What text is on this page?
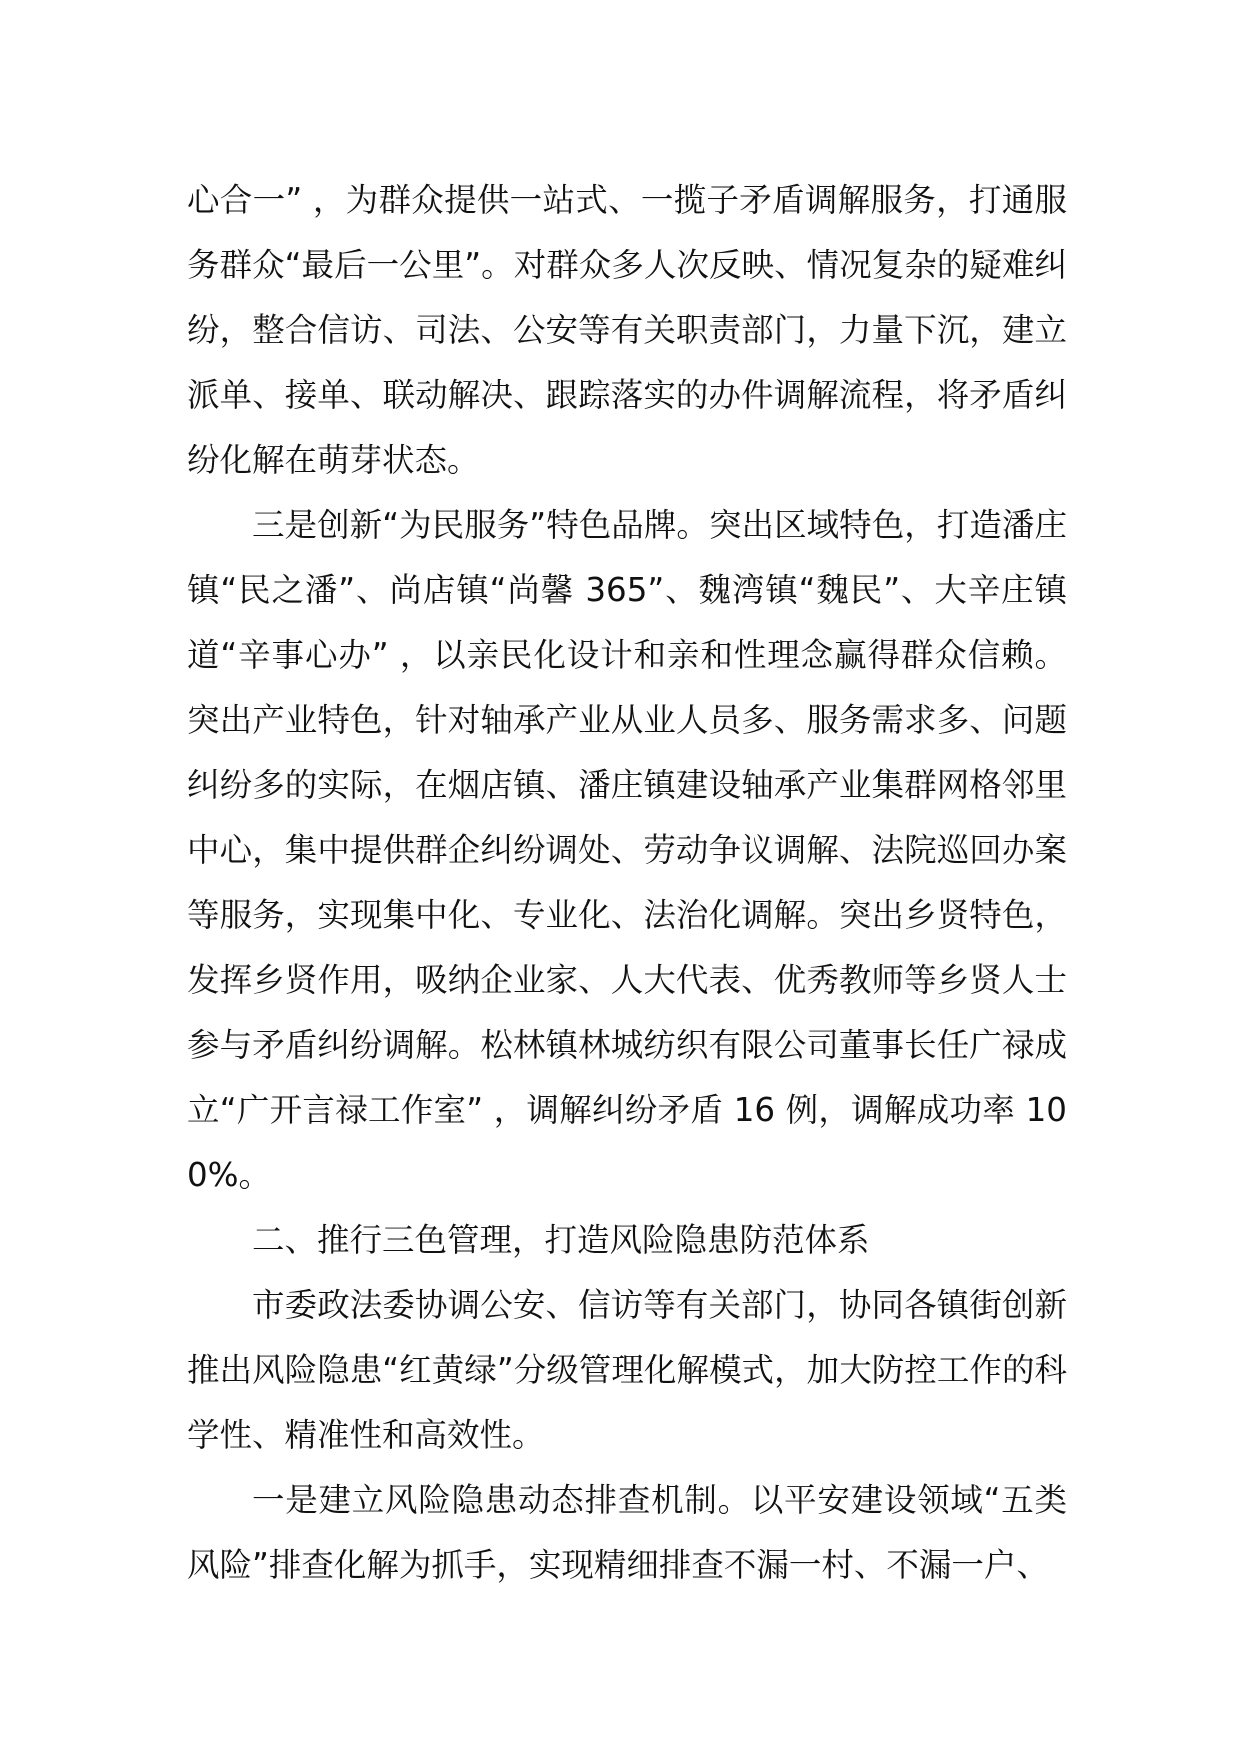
心合一” ，为群众提供一站式、一揽子矛盾调解服务，打通服务群众“最后一公里”。对群众多人次反映、情况复杂的疑难纠纷，整合信访、司法、公安等有关职责部门，力量下沉，建立派单、接单、联动解决、跟踪落实的办件调解流程，将矛盾纠纷化解在萌芽状态。

三是创新“为民服务”特色品牌。突出区域特色，打造潘庄镇“民之潘”、尚店镇“尚馨 365”、魏湾镇“魏民”、大辛庄镇道“辛事心办” ，以亲民化设计和亲和性理念赢得群众信赖。突出产业特色，针对轴承产业从业人员多、服务需求多、问题纠纷多的实际，在烟店镇、潘庄镇建设轴承产业集群网格邻里中心，集中提供群企纠纷调处、劳动争议调解、法院巡回办案等服务，实现集中化、专业化、法治化调解。突出乡贤特色，发挥乡贤作用，吸纳企业家、人大代表、优秀教师等乡贤人士参与矛盾纠纷调解。松林镇林城纺织有限公司董事长任广禄成立“广开言禄工作室” ，调解纠纷矛盾 16 例，调解成功率 100%。

二、推行三色管理，打造风险隐患防范体系

市委政法委协调公安、信访等有关部门，协同各镇街创新推出风险隐患“红黄绿”分级管理化解模式，加大防控工作的科学性、精准性和高效性。

一是建立风险隐患动态排查机制。以平安建设领域“五类风险”排查化解为抓手，实现精细排查不漏一村、不漏一户、
